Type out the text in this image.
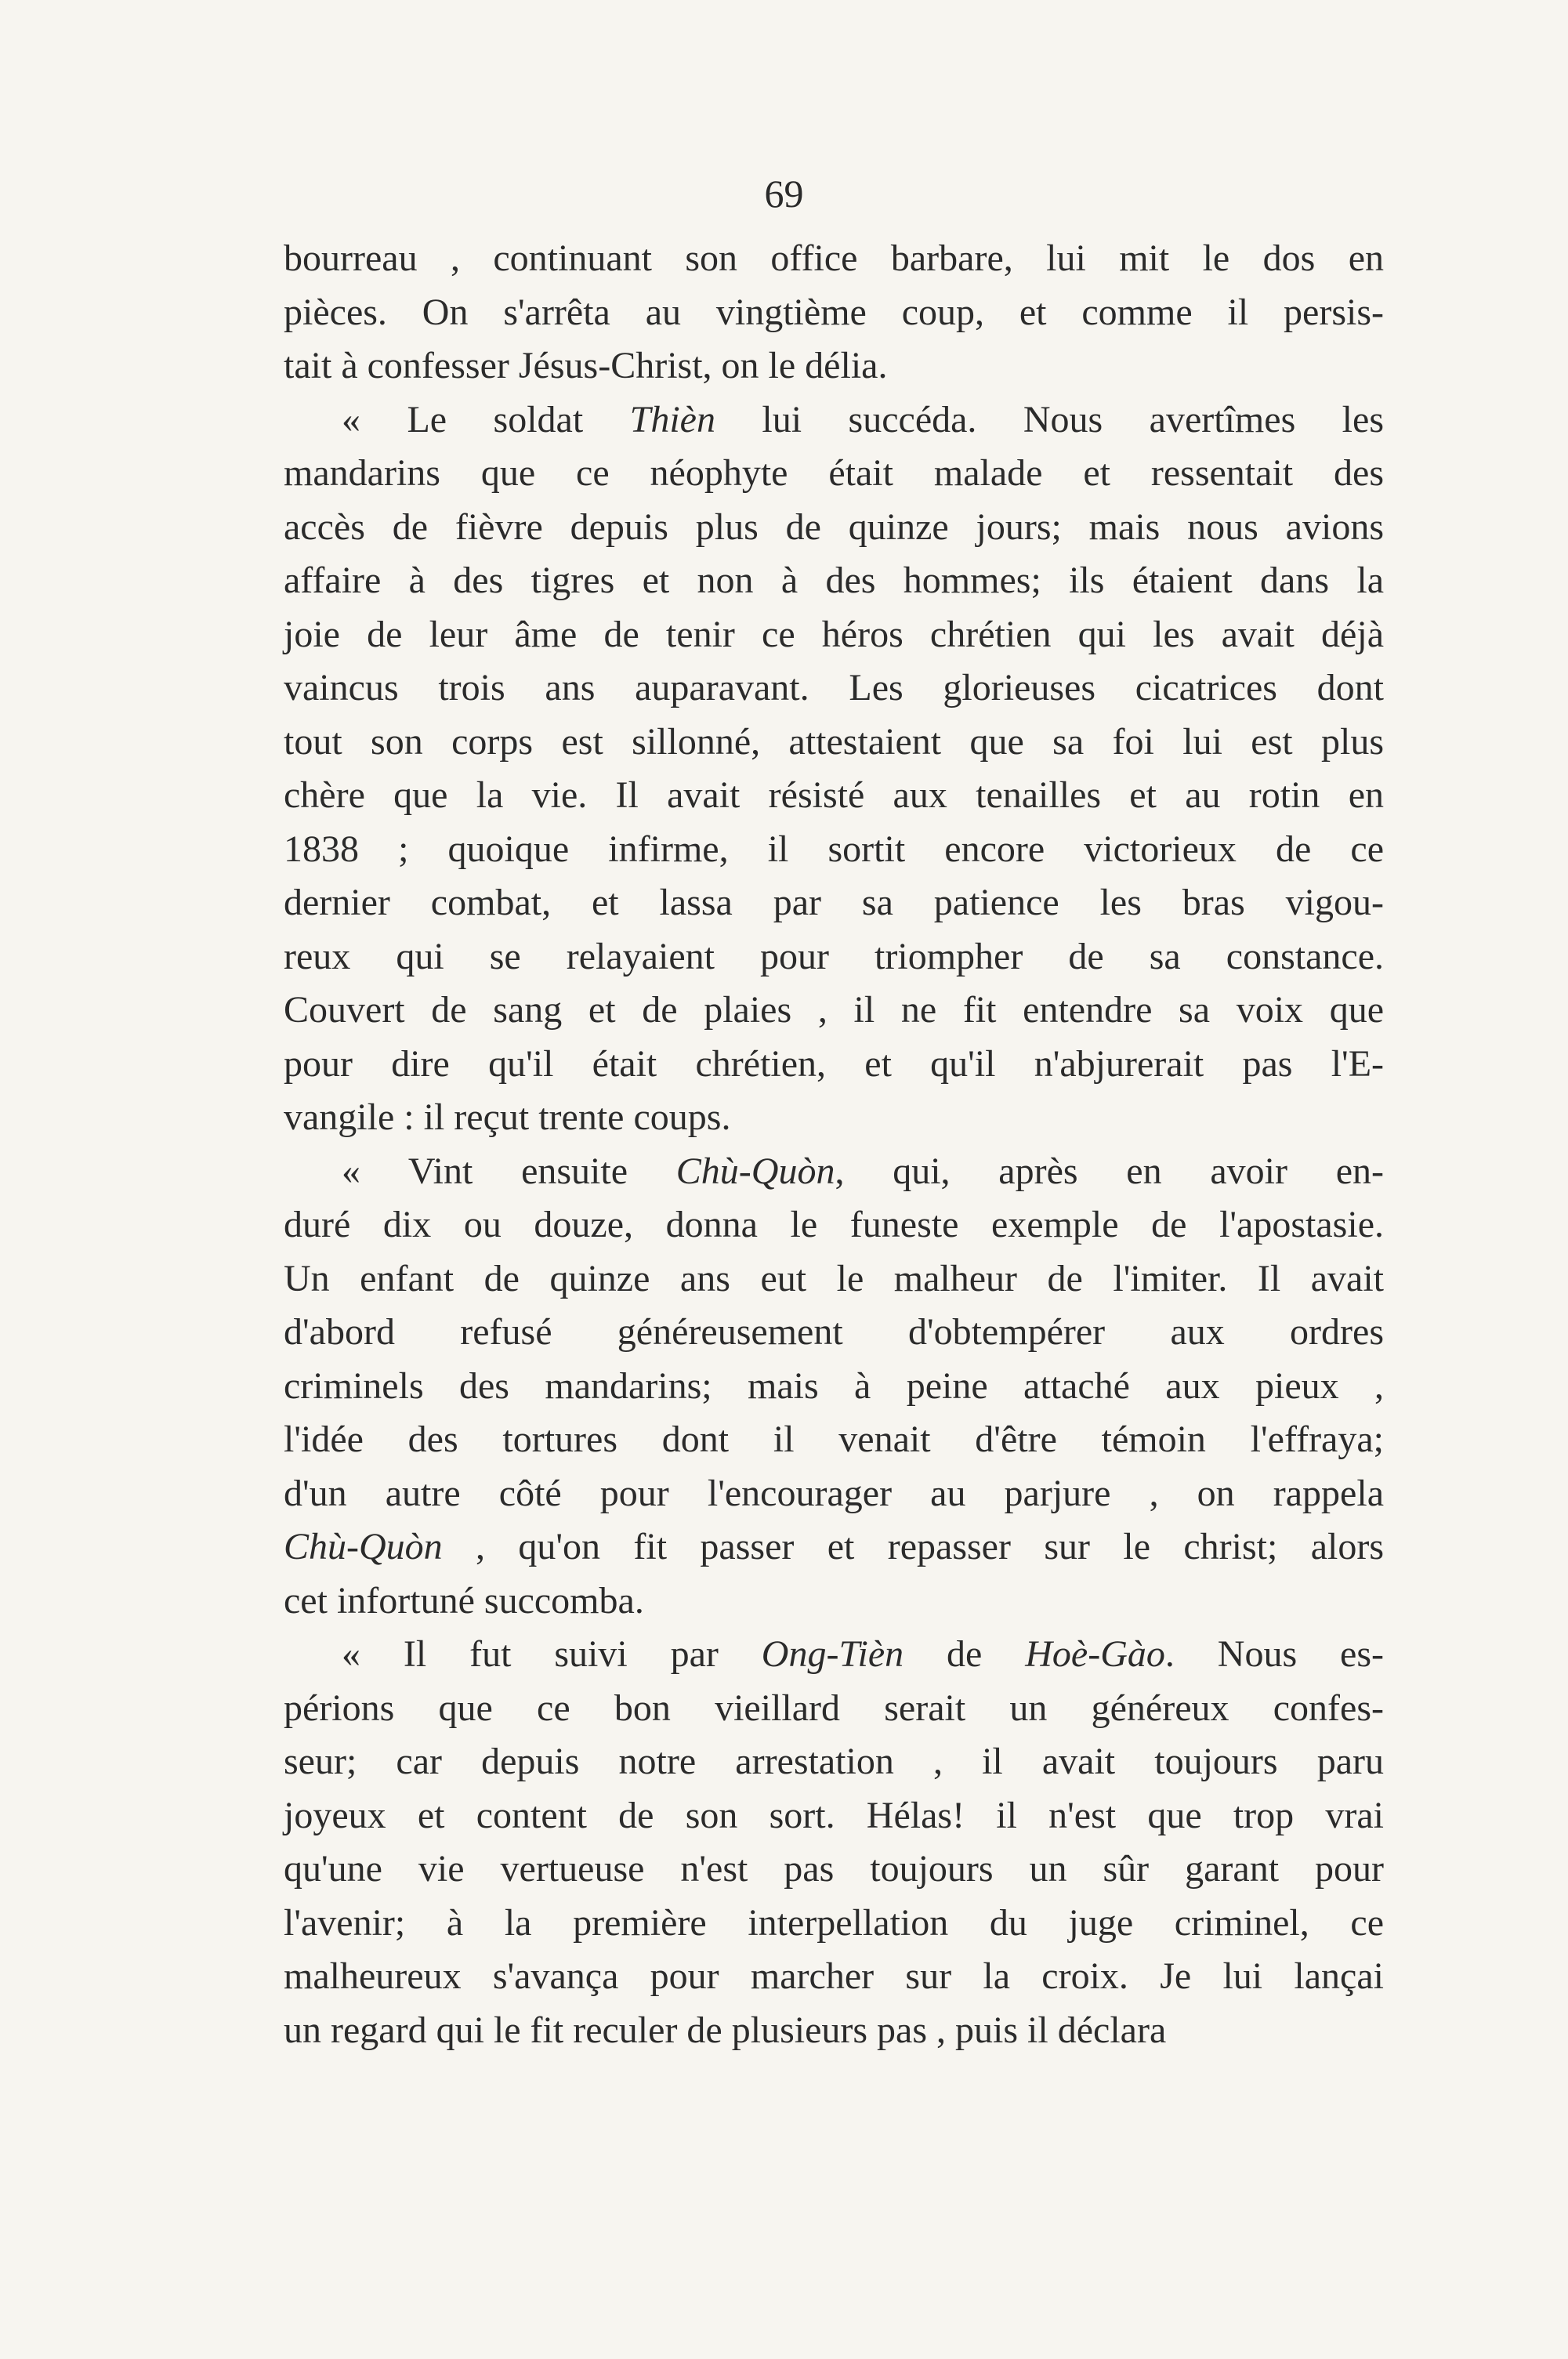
69
bourreau , continuant son office barbare, lui mit le dos en
pièces. On s'arrêta au vingtième coup, et comme il persis-
tait à confesser Jésus-Christ, on le délia.
« Le soldat Thièn lui succéda. Nous avertîmes les
mandarins que ce néophyte était malade et ressentait des
accès de fièvre depuis plus de quinze jours; mais nous avions
affaire à des tigres et non à des hommes; ils étaient dans la
joie de leur âme de tenir ce héros chrétien qui les avait déjà
vaincus trois ans auparavant. Les glorieuses cicatrices dont
tout son corps est sillonné, attestaient que sa foi lui est plus
chère que la vie. Il avait résisté aux tenailles et au rotin en
1838 ; quoique infirme, il sortit encore victorieux de ce
dernier combat, et lassa par sa patience les bras vigou-
reux qui se relayaient pour triompher de sa constance.
Couvert de sang et de plaies , il ne fit entendre sa voix que
pour dire qu'il était chrétien, et qu'il n'abjurerait pas l'E-
vangile : il reçut trente coups.
« Vint ensuite Chù-Quòn, qui, après en avoir en-
duré dix ou douze, donna le funeste exemple de l'apostasie.
Un enfant de quinze ans eut le malheur de l'imiter. Il avait
d'abord refusé généreusement d'obtempérer aux ordres
criminels des mandarins; mais à peine attaché aux pieux ,
l'idée des tortures dont il venait d'être témoin l'effraya;
d'un autre côté pour l'encourager au parjure , on rappela
Chù-Quòn , qu'on fit passer et repasser sur le christ; alors
cet infortuné succomba.
« Il fut suivi par Ong-Tièn de Hoè-Gào. Nous es-
périons que ce bon vieillard serait un généreux confes-
seur; car depuis notre arrestation , il avait toujours paru
joyeux et content de son sort. Hélas! il n'est que trop vrai
qu'une vie vertueuse n'est pas toujours un sûr garant pour
l'avenir; à la première interpellation du juge criminel, ce
malheureux s'avança pour marcher sur la croix. Je lui lançai
un regard qui le fit reculer de plusieurs pas , puis il déclara
